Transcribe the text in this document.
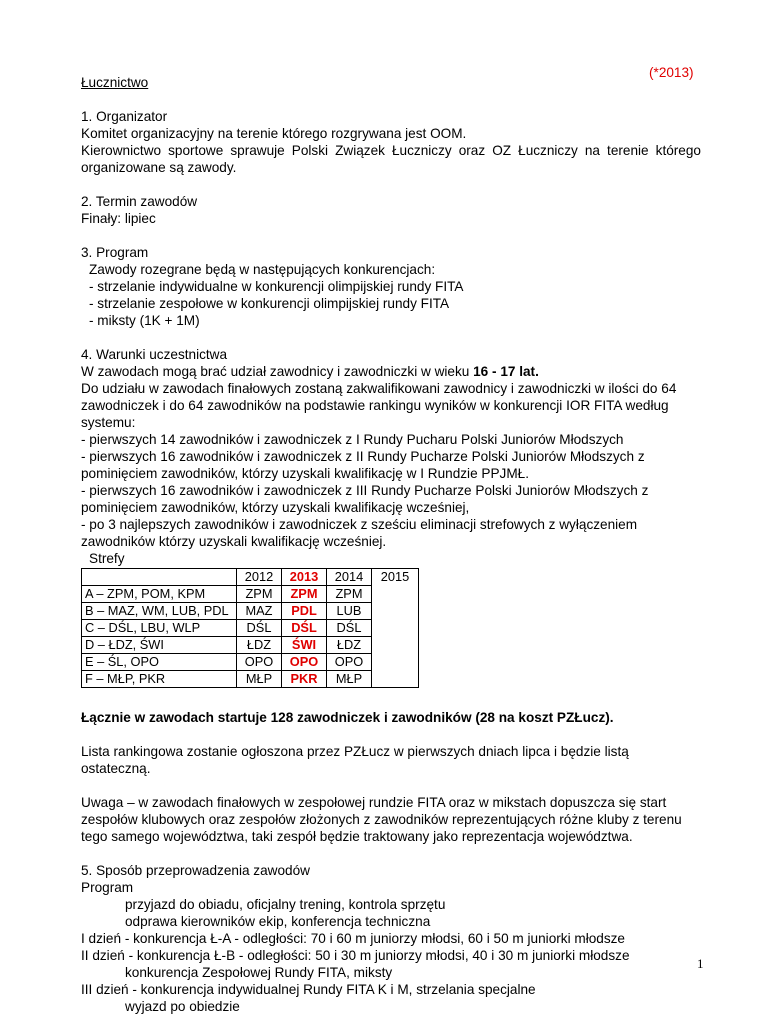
(*2013)

Łucznictwo

1. Organizator

Komitet organizacyjny na terenie którego rozgrywana jest OOM.

Kierownictwo sportowe sprawuje Polski Związek Łuczniczy oraz OZ Łuczniczy na terenie którego organizowane są zawody.

2. Termin zawodów

Finały: lipiec

3. Program

Zawody rozegrane będą w następujących konkurencjach:

- strzelanie indywidualne w konkurencji olimpijskiej rundy FITA

- strzelanie zespołowe w konkurencji olimpijskiej rundy FITA

- miksty (1K + 1M)

4. Warunki uczestnictwa

W zawodach mogą brać udział zawodnicy i zawodniczki w wieku 16 - 17 lat.

Do udziału w zawodach finałowych zostaną zakwalifikowani zawodnicy i zawodniczki w ilości do 64 zawodniczek i do 64 zawodników na podstawie rankingu wyników w konkurencji IOR FITA według systemu:

- pierwszych 14 zawodników i zawodniczek z I Rundy Pucharu Polski Juniorów Młodszych

- pierwszych 16 zawodników i zawodniczek z II Rundy Pucharze Polski Juniorów Młodszych z pominięciem zawodników, którzy uzyskali kwalifikację w I Rundzie PPJMŁ.

- pierwszych 16 zawodników i zawodniczek z III Rundy Pucharze Polski Juniorów Młodszych z pominięciem zawodników, którzy uzyskali kwalifikację wcześniej,

- po 3 najlepszych zawodników i zawodniczek z sześciu eliminacji strefowych z wyłączeniem zawodników którzy uzyskali kwalifikację wcześniej.

Strefy

	2012	2013	2014	2015
A – ZPM, POM, KPM	ZPM	ZPM	ZPM	
B – MAZ, WM, LUB, PDL	MAZ	PDL	LUB	
C – DŚL, LBU, WLP	DŚL	DŚL	DŚL	
D – ŁDZ, ŚWI	ŁDZ	ŚWI	ŁDZ	
E – ŚL, OPO	OPO	OPO	OPO	
F – MŁP, PKR	MŁP	PKR	MŁP	

Łącznie w zawodach startuje 128 zawodniczek i zawodników (28 na koszt PZŁucz).

Lista rankingowa zostanie ogłoszona przez PZŁucz w pierwszych dniach lipca i będzie listą ostateczną.

Uwaga – w zawodach finałowych w zespołowej rundzie FITA oraz w mikstach dopuszcza się start zespołów klubowych oraz zespołów złożonych z zawodników reprezentujących różne kluby z terenu tego samego województwa, taki zespół będzie traktowany jako reprezentacja województwa.

5. Sposób przeprowadzenia zawodów

Program

przyjazd do obiadu, oficjalny trening, kontrola sprzętu

odprawa kierowników ekip, konferencja techniczna

I dzień - konkurencja Ł-A - odległości: 70 i 60 m juniorzy młodsi, 60 i 50 m juniorki młodsze

II dzień - konkurencja Ł-B - odległości: 50 i 30 m juniorzy młodsi, 40 i 30 m juniorki młodsze

konkurencja Zespołowej Rundy FITA, miksty

III dzień - konkurencja indywidualnej Rundy FITA K i M, strzelania specjalne

wyjazd po obiedzie

1
